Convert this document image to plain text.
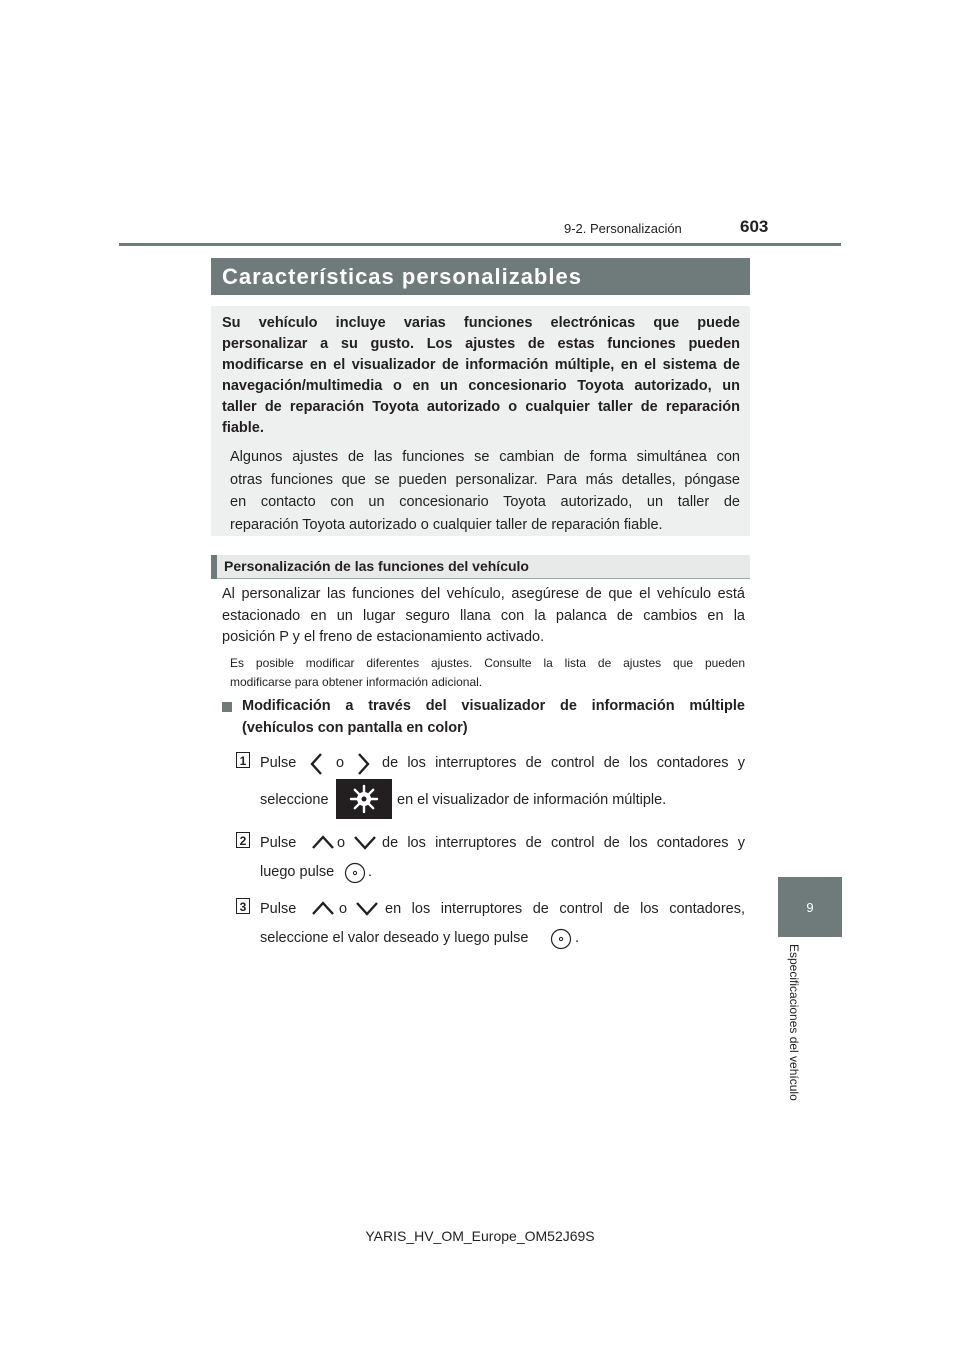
9-2. Personalización	603
9
Especificaciones del vehículo
Características personalizables
Su vehículo incluye varias funciones electrónicas que puede
personalizar a su gusto. Los ajustes de estas funciones pueden
modificarse en el visualizador de información múltiple, en el sistema de
navegación/multimedia o en un concesionario Toyota autorizado, un
taller de reparación Toyota autorizado o cualquier taller de reparación
fiable.
Algunos ajustes de las funciones se cambian de forma simultánea con
otras funciones que se pueden personalizar. Para más detalles, póngase
en contacto con un concesionario Toyota autorizado, un taller de
reparación Toyota autorizado o cualquier taller de reparación fiable.
Personalización de las funciones del vehículo
Al personalizar las funciones del vehículo, asegúrese de que el vehículo está
estacionado en un lugar seguro llana con la palanca de cambios en la
posición P y el freno de estacionamiento activado.
Es posible modificar diferentes ajustes. Consulte la lista de ajustes que pueden
modificarse para obtener información adicional.
Modificación a través del visualizador de información múltiple
(vehículos con pantalla en color)
1 Pulse	o	de los interruptores de control de los contadores y
seleccione	en el visualizador de información múltiple.
2 Pulse	o	de los interruptores de control de los contadores y
luego pulse .
3 Pulse	o	en los interruptores de control de los contadores,
seleccione el valor deseado y luego pulse	.
YARIS_HV_OM_Europe_OM52J69S
